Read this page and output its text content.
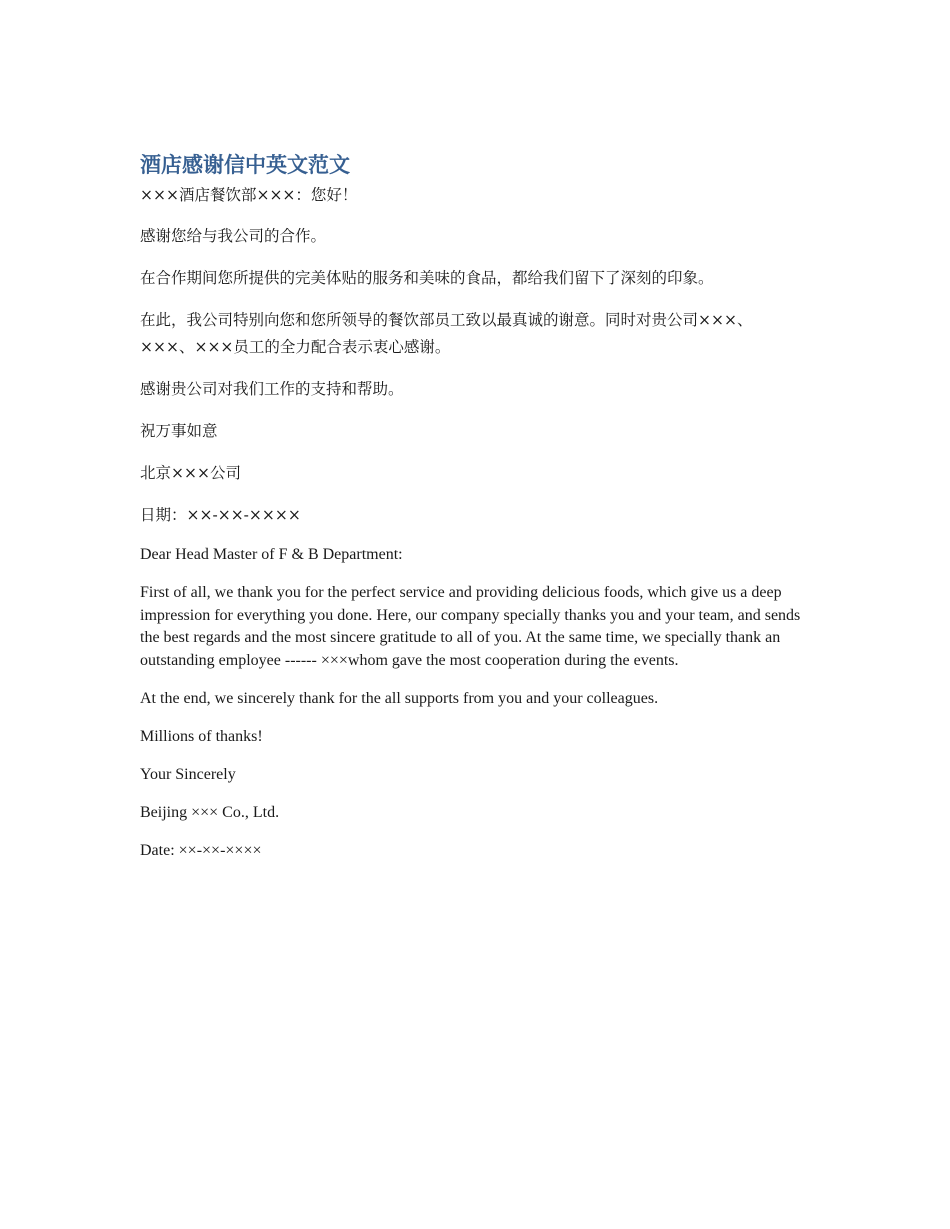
酒店感谢信中英文范文

×××酒店餐饮部×××：您好！

感谢您给与我公司的合作。

在合作期间您所提供的完美体贴的服务和美味的食品，都给我们留下了深刻的印象。

在此，我公司特别向您和您所领导的餐饮部员工致以最真诚的谢意。同时对贵公司×××、×××、×××员工的全力配合表示衷心感谢。

感谢贵公司对我们工作的支持和帮助。

祝万事如意

北京×××公司

日期：××-××-××××

Dear Head Master of F & B Department:

First of all, we thank you for the perfect service and providing delicious foods, which give us a deep impression for everything you done. Here, our company specially thanks you and your team, and sends the best regards and the most sincere gratitude to all of you. At the same time, we specially thank an outstanding employee ------ ×××whom gave the most cooperation during the events.

At the end, we sincerely thank for the all supports from you and your colleagues.

Millions of thanks!

Your Sincerely

Beijing ××× Co., Ltd.

Date: ××-××-××××
